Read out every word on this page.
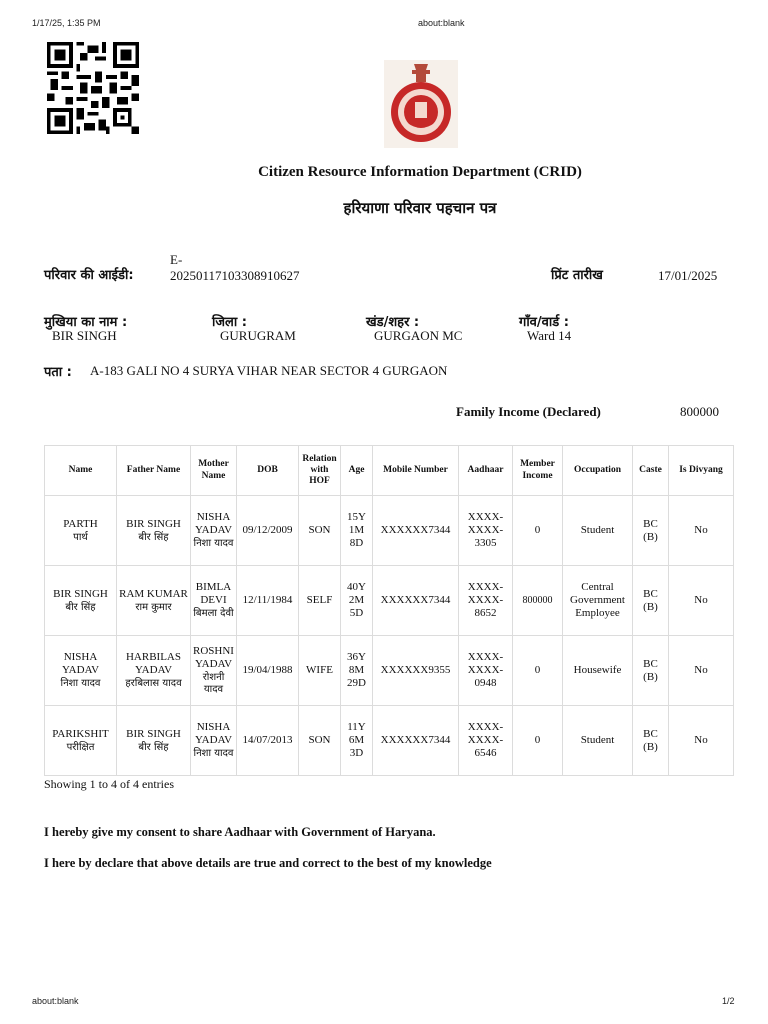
1/17/25, 1:35 PM	about:blank
about:blank	1/2
Citizen Resource Information Department (CRID)
हरियाणा परिवार पहचान पत्र
परिवार की आईडी:
E-
2025011710330891062​7	प्रिंट तारीख	17/01/2025
मुखिया का नाम :
BIR SINGH
जिला :
GURUGRAM
खंड/शहर :
GURGAON MC
गाँव/वार्ड :
Ward 14
पता : A-183 GALI NO 4 SURYA VIHAR NEAR SECTOR 4 GURGAON
Family Income (Declared)	800000
Name	Father Name	Mother Name	DOB	Relation with HOF	Age	Mobile Number	Aadhaar	Member Income	Occupation	Caste	Is Divyang
PARTH
पार्थ	BIR SINGH
बीर सिंह	NISHA YADAV
निशा यादव	09/12/2009	SON	15Y 1M 8D	XXXXXX7344	XXXX-XXXX-3305	0	Student	BC (B)	No
BIR SINGH
बीर सिंह	RAM KUMAR
राम कुमार	BIMLA DEVI
बिमला देवी	12/11/1984	SELF	40Y 2M 5D	XXXXXX7344	XXXX-XXXX-8652	800000	Central Government Employee	BC (B)	No
NISHA YADAV
निशा यादव	HARBILAS YADAV
हरबिलास यादव	ROSHNI YADAV
रोशनी यादव	19/04/1988	WIFE	36Y 8M 29D	XXXXXX9355	XXXX-XXXX-0948	0	Housewife	BC (B)	No
PARIKSHIT
परीक्षित	BIR SINGH
बीर सिंह	NISHA YADAV
निशा यादव	14/07/2013	SON	11Y 6M 3D	XXXXXX7344	XXXX-XXXX-6546	0	Student	BC (B)	No
Showing 1 to 4 of 4 entries
I hereby give my consent to share Aadhaar with Government of Haryana.
I here by declare that above details are true and correct to the best of my knowledge
